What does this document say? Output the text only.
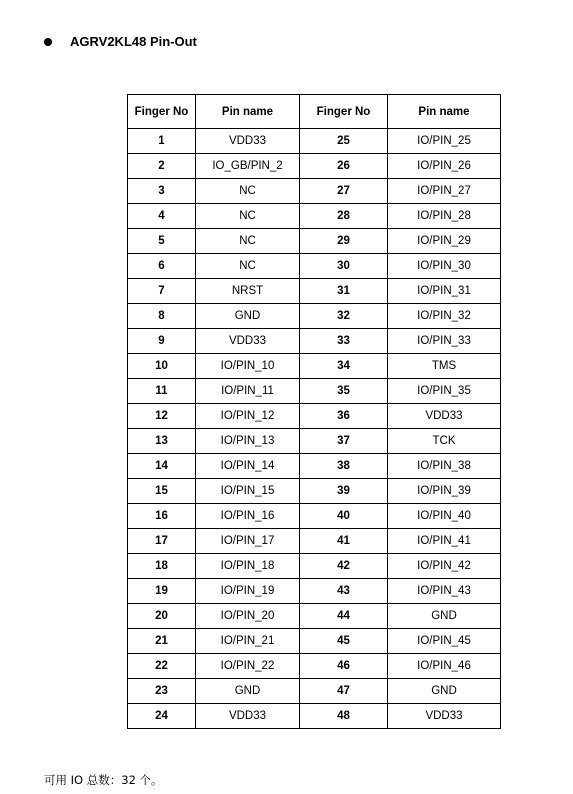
AGRV2KL48 Pin-Out
Finger No	Pin name	Finger No	Pin name
1	VDD33	25	IO/PIN_25
2	IO_GB/PIN_2	26	IO/PIN_26
3	NC	27	IO/PIN_27
4	NC	28	IO/PIN_28
5	NC	29	IO/PIN_29
6	NC	30	IO/PIN_30
7	NRST	31	IO/PIN_31
8	GND	32	IO/PIN_32
9	VDD33	33	IO/PIN_33
10	IO/PIN_10	34	TMS
11	IO/PIN_11	35	IO/PIN_35
12	IO/PIN_12	36	VDD33
13	IO/PIN_13	37	TCK
14	IO/PIN_14	38	IO/PIN_38
15	IO/PIN_15	39	IO/PIN_39
16	IO/PIN_16	40	IO/PIN_40
17	IO/PIN_17	41	IO/PIN_41
18	IO/PIN_18	42	IO/PIN_42
19	IO/PIN_19	43	IO/PIN_43
20	IO/PIN_20	44	GND
21	IO/PIN_21	45	IO/PIN_45
22	IO/PIN_22	46	IO/PIN_46
23	GND	47	GND
24	VDD33	48	VDD33
可用 IO 总数：32 个。
